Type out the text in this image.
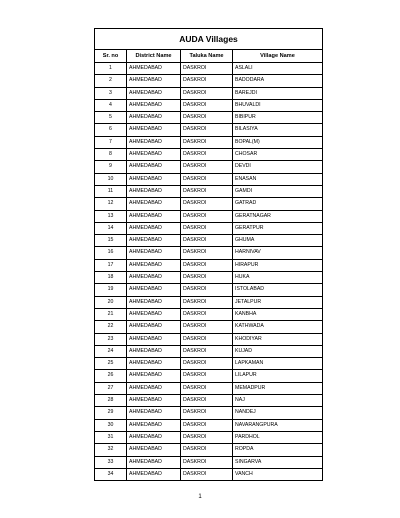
AUDA Villages
Sr. no	District Name	Taluka Name	Village Name
1	AHMEDABAD	DASKROI	ASLALI
2	AHMEDABAD	DASKROI	BADODARA
3	AHMEDABAD	DASKROI	BAREJDI
4	AHMEDABAD	DASKROI	BHUVALDI
5	AHMEDABAD	DASKROI	BIBIPUR
6	AHMEDABAD	DASKROI	BILASIYA
7	AHMEDABAD	DASKROI	BOPAL(M)
8	AHMEDABAD	DASKROI	CHOSAR
9	AHMEDABAD	DASKROI	DEVDI
10	AHMEDABAD	DASKROI	ENASAN
11	AHMEDABAD	DASKROI	GAMDI
12	AHMEDABAD	DASKROI	GATRAD
13	AHMEDABAD	DASKROI	GERATNAGAR
14	AHMEDABAD	DASKROI	GERATPUR
15	AHMEDABAD	DASKROI	GHUMA
16	AHMEDABAD	DASKROI	HARNIVAV
17	AHMEDABAD	DASKROI	HIRAPUR
18	AHMEDABAD	DASKROI	HUKA
19	AHMEDABAD	DASKROI	ISTOLABAD
20	AHMEDABAD	DASKROI	JETALPUR
21	AHMEDABAD	DASKROI	KANBHA
22	AHMEDABAD	DASKROI	KATHWADA
23	AHMEDABAD	DASKROI	KHODIYAR
24	AHMEDABAD	DASKROI	KUJAD
25	AHMEDABAD	DASKROI	LAPKAMAN
26	AHMEDABAD	DASKROI	LILAPUR
27	AHMEDABAD	DASKROI	MEMADPUR
28	AHMEDABAD	DASKROI	NAJ
29	AHMEDABAD	DASKROI	NANDEJ
30	AHMEDABAD	DASKROI	NAVARANGPURA
31	AHMEDABAD	DASKROI	PARDHOL
32	AHMEDABAD	DASKROI	ROPDA
33	AHMEDABAD	DASKROI	SINGARVA
34	AHMEDABAD	DASKROI	VANCH
1
